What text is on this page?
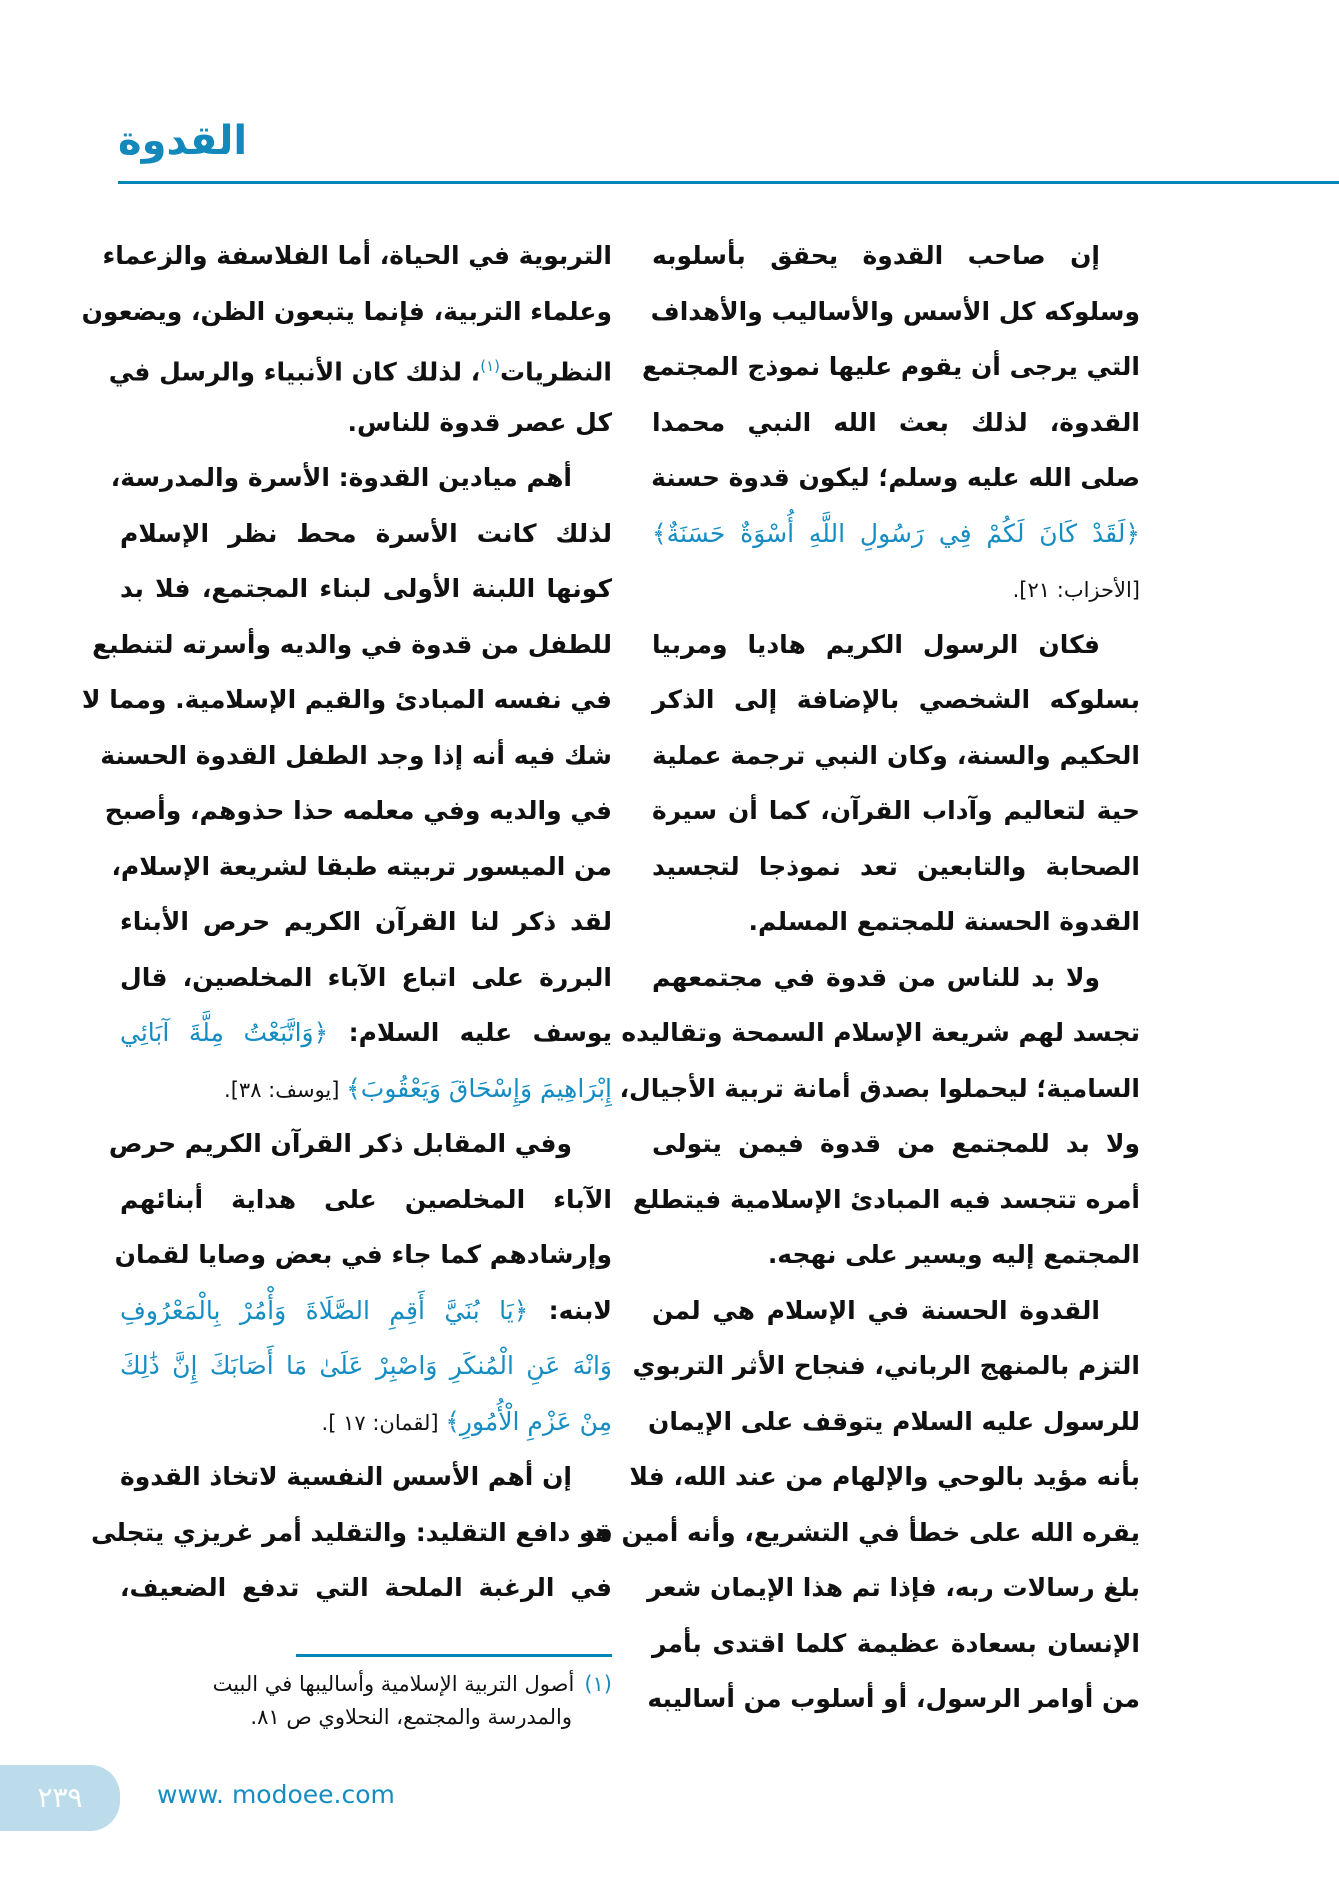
القدوة
إن صاحب القدوة يحقق بأسلوبه
وسلوكه كل الأسس والأساليب والأهداف
التي يرجى أن يقوم عليها نموذج المجتمع
القدوة، لذلك بعث الله النبي محمدا
صلى الله عليه وسلم؛ ليكون قدوة حسنة
﴿لَقَدْ كَانَ لَكُمْ فِي رَسُولِ اللَّهِ أُسْوَةٌ حَسَنَةٌ﴾
[الأحزاب: ٢١].
فكان الرسول الكريم هاديا ومربيا
بسلوكه الشخصي بالإضافة إلى الذكر
الحكيم والسنة، وكان النبي ترجمة عملية
حية لتعاليم وآداب القرآن، كما أن سيرة
الصحابة والتابعين تعد نموذجا لتجسيد
القدوة الحسنة للمجتمع المسلم.
ولا بد للناس من قدوة في مجتمعهم
تجسد لهم شريعة الإسلام السمحة وتقاليده
السامية؛ ليحملوا بصدق أمانة تربية الأجيال،
ولا بد للمجتمع من قدوة فيمن يتولى
أمره تتجسد فيه المبادئ الإسلامية فيتطلع
المجتمع إليه ويسير على نهجه.
القدوة الحسنة في الإسلام هي لمن
التزم بالمنهج الرباني، فنجاح الأثر التربوي
للرسول عليه السلام يتوقف على الإيمان
بأنه مؤيد بالوحي والإلهام من عند الله، فلا
يقره الله على خطأ في التشريع، وأنه أمين قد
بلغ رسالات ربه، فإذا تم هذا الإيمان شعر
الإنسان بسعادة عظيمة كلما اقتدى بأمر
من أوامر الرسول، أو أسلوب من أساليبه
التربوية في الحياة، أما الفلاسفة والزعماء
وعلماء التربية، فإنما يتبعون الظن، ويضعون
النظريات$^{(١)}$، لذلك كان الأنبياء والرسل في
كل عصر قدوة للناس.
أهم ميادين القدوة: الأسرة والمدرسة،
لذلك كانت الأسرة محط نظر الإسلام
كونها اللبنة الأولى لبناء المجتمع، فلا بد
للطفل من قدوة في والديه وأسرته لتنطبع
في نفسه المبادئ والقيم الإسلامية. ومما لا
شك فيه أنه إذا وجد الطفل القدوة الحسنة
في والديه وفي معلمه حذا حذوهم، وأصبح
من الميسور تربيته طبقا لشريعة الإسلام،
لقد ذكر لنا القرآن الكريم حرص الأبناء
البررة على اتباع الآباء المخلصين، قال
يوسف عليه السلام: ﴿وَاتَّبَعْتُ مِلَّةَ آبَائِي
إِبْرَاهِيمَ وَإِسْحَاقَ وَيَعْقُوبَ﴾ [يوسف: ٣٨].
وفي المقابل ذكر القرآن الكريم حرص
الآباء المخلصين على هداية أبنائهم
وإرشادهم كما جاء في بعض وصايا لقمان
لابنه: ﴿يَا بُنَيَّ أَقِمِ الصَّلَاةَ وَأْمُرْ بِالْمَعْرُوفِ
وَانْهَ عَنِ الْمُنكَرِ وَاصْبِرْ عَلَىٰ مَا أَصَابَكَ إِنَّ ذَٰلِكَ
مِنْ عَزْمِ الْأُمُورِ﴾ [لقمان: ١٧ ].
إن أهم الأسس النفسية لاتخاذ القدوة
هو دافع التقليد: والتقليد أمر غريزي يتجلى
في الرغبة الملحة التي تدفع الضعيف،
(١)أصول التربية الإسلامية وأساليبها في البيت
والمدرسة والمجتمع، النحلاوي ص ٨١.
٢٣٩	www. modoee.com
